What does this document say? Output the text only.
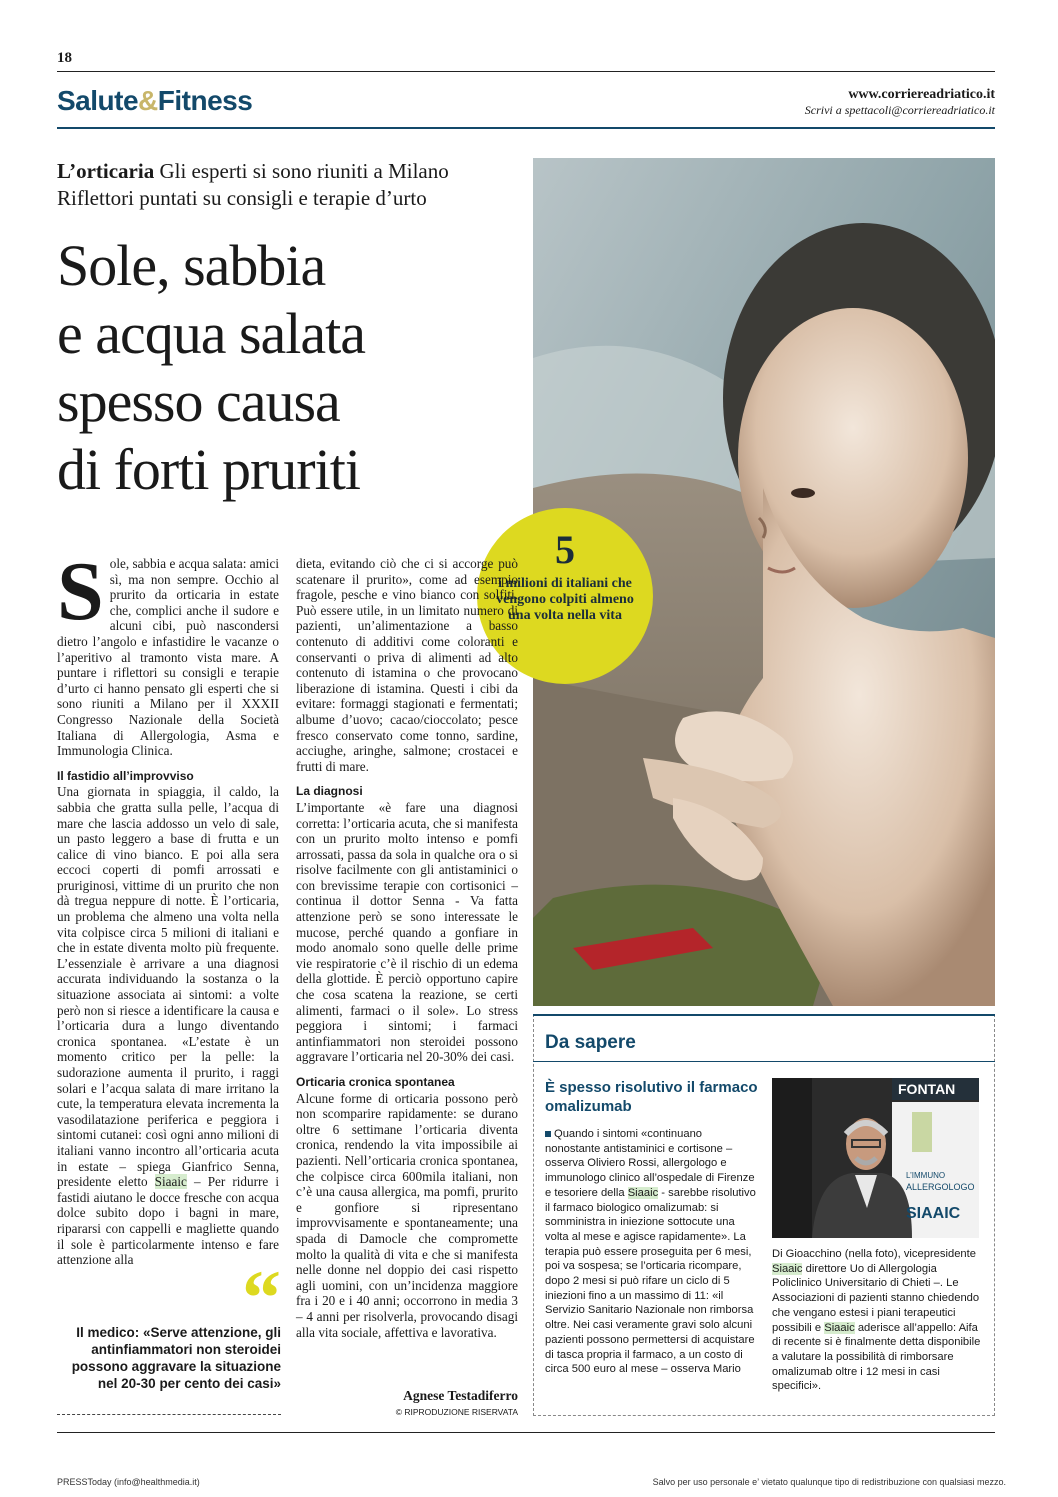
18
Salute&Fitness	www.corriereadriatico.it
Scrivi a spettacoli@corriereadriatico.it
L’orticaria Gli esperti si sono riuniti a Milano
Riflettori puntati su consigli e terapie d’urto
Sole, sabbia
e acqua salata
spesso causa
di forti pruriti
5
i milioni di italiani che vengono colpiti almeno una volta nella vita

Sole, sabbia e acqua salata: amici sì, ma non sempre. Occhio al prurito da orticaria in estate che, complici anche il sudore e alcuni cibi, può nascondersi dietro l’angolo e infastidire le vacanze o l’aperitivo al tramonto vista mare. A puntare i riflettori su consigli e terapie d’urto ci hanno pensato gli esperti che si sono riuniti a Milano per il XXXII Congresso Nazionale della Società Italiana di Allergologia, Asma e Immunologia Clinica.

Il fastidio all’improvviso

Una giornata in spiaggia, il caldo, la sabbia che gratta sulla pelle, l’acqua di mare che lascia addosso un velo di sale, un pasto leggero a base di frutta e un calice di vino bianco. E poi alla sera eccoci coperti di pomfi arrossati e pruriginosi, vittime di un prurito che non dà tregua neppure di notte. È l’orticaria, un problema che almeno una volta nella vita colpisce circa 5 milioni di italiani e che in estate diventa molto più frequente. L’essenziale è arrivare a una diagnosi accurata individuando la sostanza o la situazione associata ai sintomi: a volte però non si riesce a identificare la causa e l’orticaria dura a lungo diventando cronica spontanea. «L’estate è un momento critico per la pelle: la sudorazione aumenta il prurito, i raggi solari e l’acqua salata di mare irritano la cute, la temperatura elevata incrementa la vasodilatazione periferica e peggiora i sintomi cutanei: così ogni anno milioni di italiani vanno incontro all’orticaria acuta in estate – spiega Gianfrico Senna, presidente eletto Siaaic – Per ridurre i fastidi aiutano le docce fresche con acqua dolce subito dopo i bagni in mare, ripararsi con cappelli e magliette quando il sole è particolarmente intenso e fare attenzione alla	“
Il medico: «Serve attenzione, gli antinfiammatori non steroidei possono aggravare la situazione nel 20-30 per cento dei casi»

dieta, evitando ciò che ci si accorge può scatenare il prurito», come ad esempio fragole, pesche e vino bianco con solfiti. Può essere utile, in un limitato numero di pazienti, un’alimentazione a basso contenuto di additivi come coloranti e conservanti o priva di alimenti ad alto contenuto di istamina o che provocano liberazione di istamina. Questi i cibi da evitare: formaggi stagionati e fermentati; albume d’uovo; cacao/cioccolato; pesce fresco conservato come tonno, sardine, acciughe, aringhe, salmone; crostacei e frutti di mare.

La diagnosi

L’importante «è fare una diagnosi corretta: l’orticaria acuta, che si manifesta con un prurito molto intenso e pomfi arrossati, passa da sola in qualche ora o si risolve facilmente con gli antistaminici o con brevissime terapie con cortisonici – continua il dottor Senna - Va fatta attenzione però se sono interessate le mucose, perché quando a gonfiare in modo anomalo sono quelle delle prime vie respiratorie c’è il rischio di un edema della glottide. È perciò opportuno capire che cosa scatena la reazione, se certi alimenti, farmaci o il sole». Lo stress peggiora i sintomi; i farmaci antinfiammatori non steroidei possono aggravare l’orticaria nel 20-30% dei casi.

Orticaria cronica spontanea

Alcune forme di orticaria possono però non scomparire rapidamente: se durano oltre 6 settimane l’orticaria diventa cronica, rendendo la vita impossibile ai pazienti. Nell’orticaria cronica spontanea, che colpisce circa 600mila italiani, non c’è una causa allergica, ma pomfi, prurito e gonfiore si ripresentano improvvisamente e spontaneamente; una spada di Damocle che compromette molto la qualità di vita e che si manifesta nelle donne nel doppio dei casi rispetto agli uomini, con un’incidenza maggiore fra i 20 e i 40 anni; occorrono in media 3 – 4 anni per risolverla, provocando disagi alla vita sociale, affettiva e lavorativa.

Agnese Testadiferro
© RIPRODUZIONE RISERVATA
Da sapere
È spesso risolutivo il farmaco omalizumab
Quando i sintomi «continuano nonostante antistaminici e cortisone – osserva Oliviero Rossi, allergologo e immunologo clinico all’ospedale di Firenze e tesoriere della Siaaic - sarebbe risolutivo il farmaco biologico omalizumab: si somministra in iniezione sottocute una volta al mese e agisce rapidamente». La terapia può essere proseguita per 6 mesi, poi va sospesa; se l’orticaria ricompare, dopo 2 mesi si può rifare un ciclo di 5 iniezioni fino a un massimo di 11: «il Servizio Sanitario Nazionale non rimborsa oltre. Nei casi veramente gravi solo alcuni pazienti possono permettersi di acquistare di tasca propria il farmaco, a un costo di circa 500 euro al mese – osserva Mario
FONTAN
L’IMMUNO
ALLERGOLOGO
SIAAIC
Di Gioacchino (nella foto), vicepresidente Siaaic direttore Uo di Allergologia Policlinico Universitario di Chieti –. Le Associazioni di pazienti stanno chiedendo che vengano estesi i piani terapeutici possibili e Siaaic aderisce all’appello: Aifa di recente si è finalmente detta disponibile a valutare la possibilità di rimborsare omalizumab oltre i 12 mesi in casi specifici».
PRESSToday (info@healthmedia.it)	Salvo per uso personale e’ vietato qualunque tipo di redistribuzione con qualsiasi mezzo.
